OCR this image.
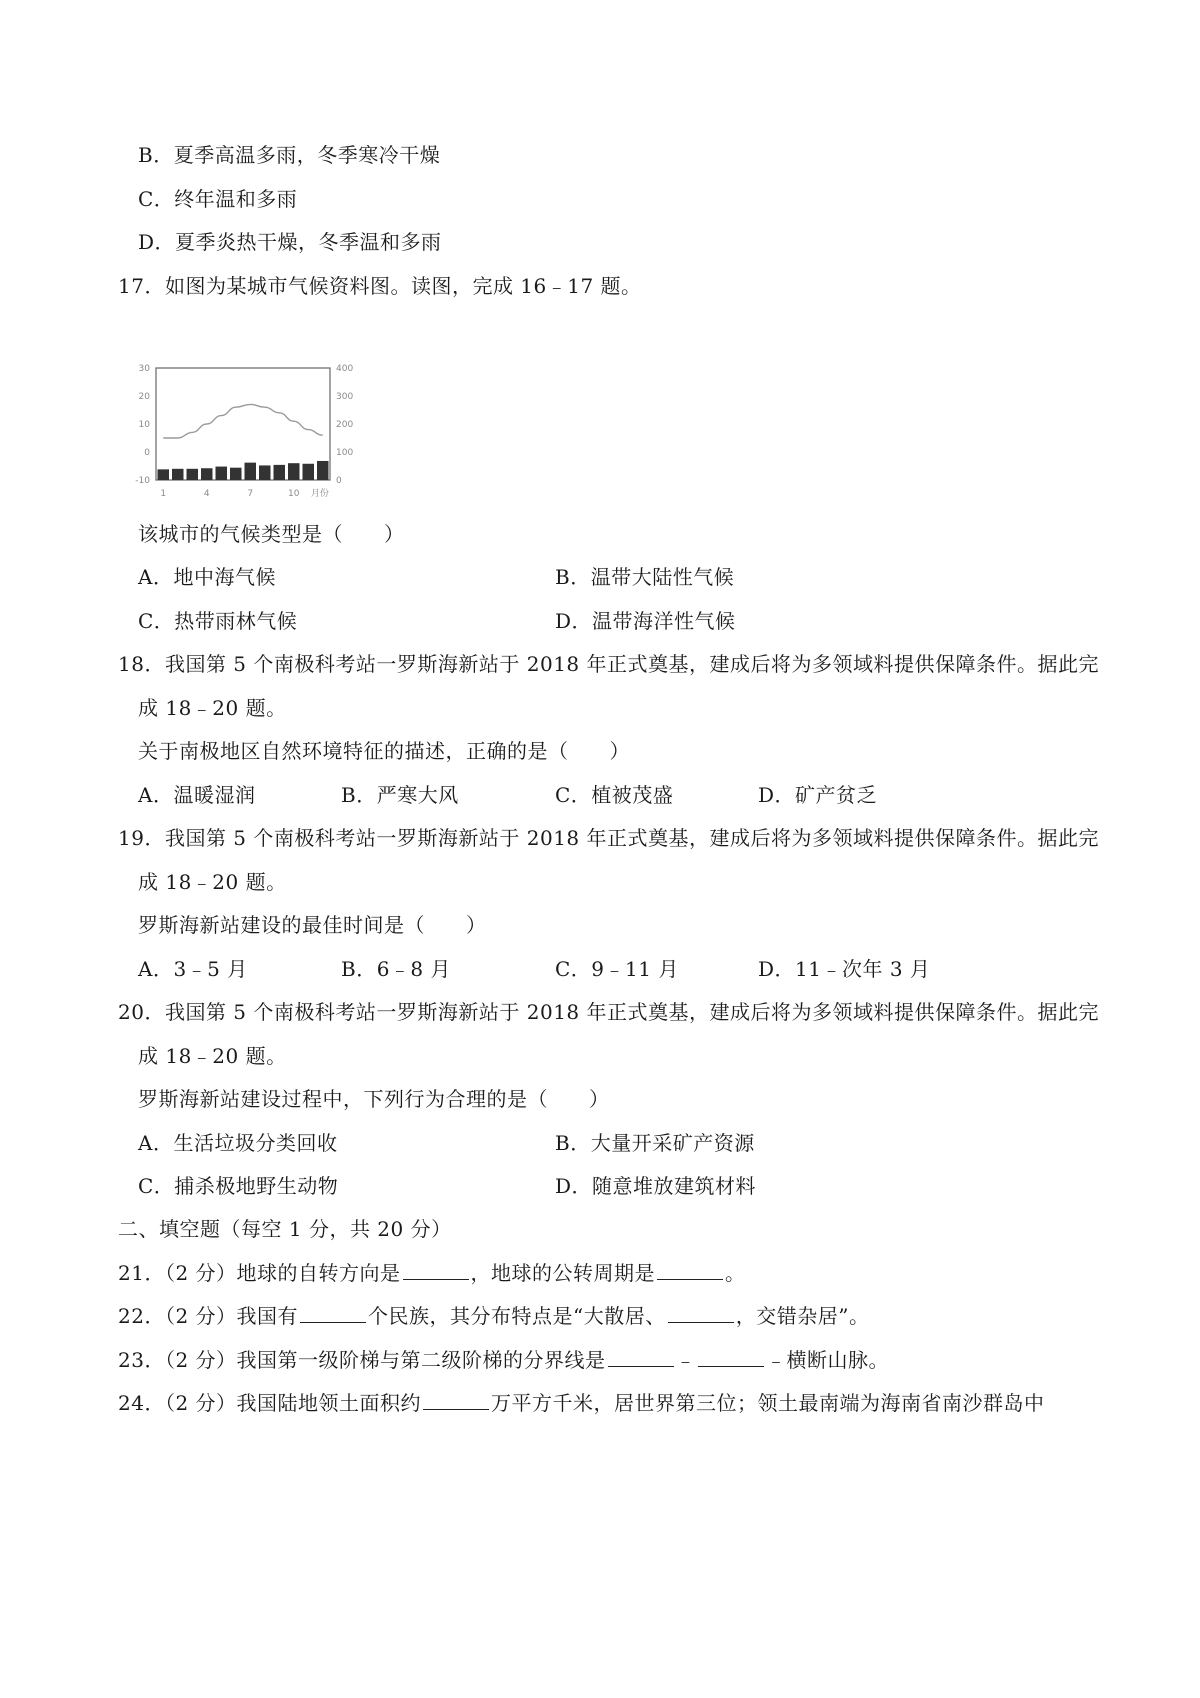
B．夏季高温多雨，冬季寒冷干燥
C．终年温和多雨
D．夏季炎热干燥，冬季温和多雨
17．如图为某城市气候资料图。读图，完成 16﹣17 题。
30
20
10
0
-10
400
300
200
100
0
1	4	7	10 月份
该城市的气候类型是（　　）
A．地中海气候	B．温带大陆性气候
C．热带雨林气候	D．温带海洋性气候
18．我国第 5 个南极科考站一罗斯海新站于 2018 年正式奠基，建成后将为多领域料提供保障条件。据此完
成 18﹣20 题。
关于南极地区自然环境特征的描述，正确的是（　　）
A．温暖湿润	B．严寒大风	C．植被茂盛	D．矿产贫乏
19．我国第 5 个南极科考站一罗斯海新站于 2018 年正式奠基，建成后将为多领域料提供保障条件。据此完
成 18﹣20 题。
罗斯海新站建设的最佳时间是（　　）
A．3﹣5 月	B．6﹣8 月	C．9﹣11 月	D．11﹣次年 3 月
20．我国第 5 个南极科考站一罗斯海新站于 2018 年正式奠基，建成后将为多领域料提供保障条件。据此完
成 18﹣20 题。
罗斯海新站建设过程中，下列行为合理的是（　　）
A．生活垃圾分类回收	B．大量开采矿产资源
C．捕杀极地野生动物	D．随意堆放建筑材料
二、填空题（每空 1 分，共 20 分）
21．（2 分）地球的自转方向是	，地球的公转周期是	。
22．（2 分）我国有	个民族，其分布特点是“大散居、	，交错杂居”。
23．（2 分）我国第一级阶梯与第二级阶梯的分界线是	﹣	﹣横断山脉。
24．（2 分）我国陆地领土面积约	万平方千米，居世界第三位；领土最南端为海南省南沙群岛中
